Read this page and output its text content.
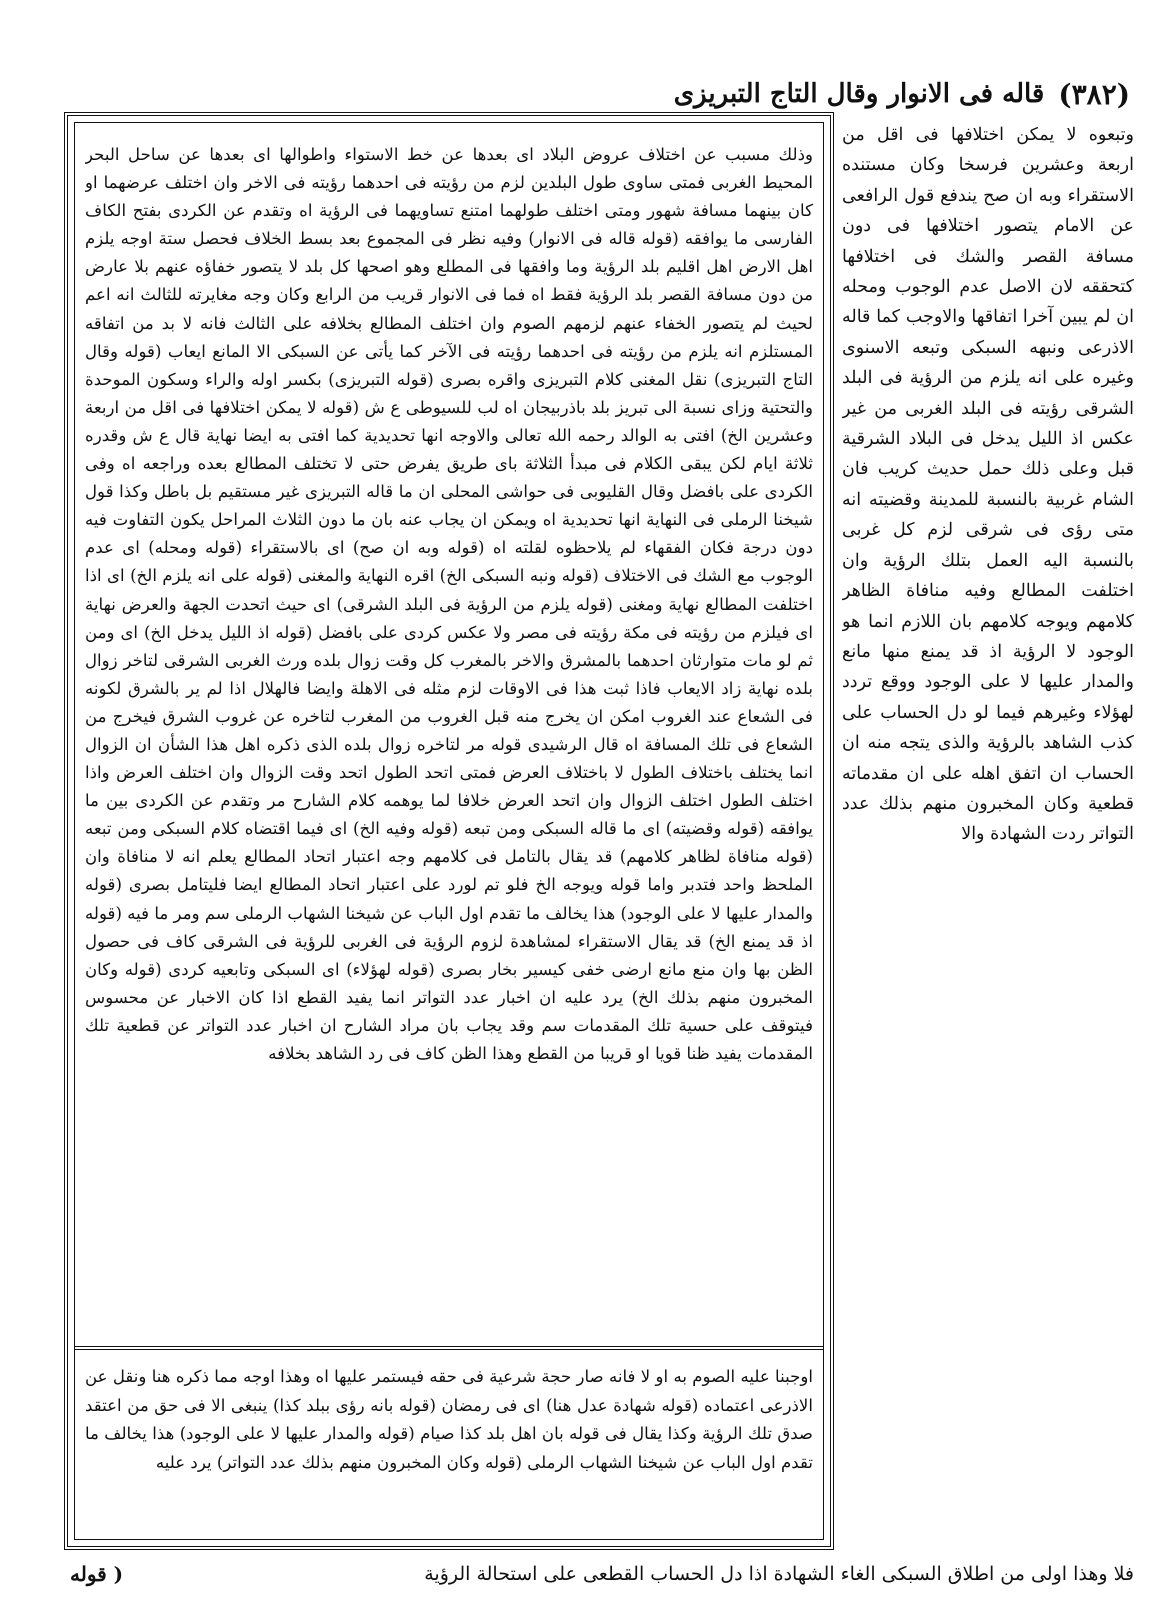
(٣٨٢)
قاله فى الانوار وقال التاج التبريزى
وذلك مسبب عن اختلاف عروض البلاد اى بعدها عن خط الاستواء واطوالها اى بعدها عن ساحل البحر المحيط الغربى فمتى ساوى طول البلدين لزم من رؤيته فى احدهما رؤيته فى الاخر وان اختلف عرضهما او كان بينهما مسافة شهور ومتى اختلف طولهما امتنع تساويهما فى الرؤية اه وتقدم عن الكردى بفتح الكاف الفارسى ما يوافقه (قوله قاله فى الانوار) وفيه نظر فى المجموع بعد بسط الخلاف فحصل ستة اوجه يلزم اهل الارض اهل اقليم بلد الرؤية وما وافقها فى المطلع وهو اصحها كل بلد لا يتصور خفاؤه عنهم بلا عارض من دون مسافة القصر بلد الرؤية فقط اه فما فى الانوار قريب من الرابع وكان وجه مغايرته للثالث انه اعم لحيث لم يتصور الخفاء عنهم لزمهم الصوم وان اختلف المطالع بخلافه على الثالث فانه لا بد من اتفاقه المستلزم انه يلزم من رؤيته فى احدهما رؤيته فى الآخر كما يأتى عن السبكى الا المانع ايعاب (قوله وقال التاج التبريزى) نقل المغنى كلام التبريزى واقره بصرى (قوله التبريزى) بكسر اوله والراء وسكون الموحدة والتحتية وزاى نسبة الى تبريز بلد باذربيجان اه لب للسيوطى ع ش (قوله لا يمكن اختلافها فى اقل من اربعة وعشرين الخ) افتى به الوالد رحمه الله تعالى والاوجه انها تحديدية كما افتى به ايضا نهاية قال ع ش وقدره ثلاثة ايام لكن يبقى الكلام فى مبدأ الثلاثة باى طريق يفرض حتى لا تختلف المطالع بعده وراجعه اه وفى الكردى على بافضل وقال القليوبى فى حواشى المحلى ان ما قاله التبريزى غير مستقيم بل باطل وكذا قول شيخنا الرملى فى النهاية انها تحديدية اه ويمكن ان يجاب عنه بان ما دون الثلاث المراحل يكون التفاوت فيه دون درجة فكان الفقهاء لم يلاحظوه لقلته اه (قوله وبه ان صح) اى بالاستقراء (قوله ومحله) اى عدم الوجوب مع الشك فى الاختلاف (قوله ونبه السبكى الخ) اقره النهاية والمغنى (قوله على انه يلزم الخ) اى اذا اختلفت المطالع نهاية ومغنى (قوله يلزم من الرؤية فى البلد الشرقى) اى حيث اتحدت الجهة والعرض نهاية اى فيلزم من رؤيته فى مكة رؤيته فى مصر ولا عكس كردى على بافضل (قوله اذ الليل يدخل الخ) اى ومن ثم لو مات متوارثان احدهما بالمشرق والاخر بالمغرب كل وقت زوال بلده ورث الغربى الشرقى لتاخر زوال بلده نهاية زاد الايعاب فاذا ثبت هذا فى الاوقات لزم مثله فى الاهلة وايضا فالهلال اذا لم ير بالشرق لكونه فى الشعاع عند الغروب امكن ان يخرج منه قبل الغروب من المغرب لتاخره عن غروب الشرق فيخرج من الشعاع فى تلك المسافة اه قال الرشيدى قوله مر لتاخره زوال بلده الذى ذكره اهل هذا الشأن ان الزوال انما يختلف باختلاف الطول لا باختلاف العرض فمتى اتحد الطول اتحد وقت الزوال وان اختلف العرض واذا اختلف الطول اختلف الزوال وان اتحد العرض خلافا لما يوهمه كلام الشارح مر وتقدم عن الكردى بين ما يوافقه (قوله وقضيته) اى ما قاله السبكى ومن تبعه (قوله وفيه الخ) اى فيما اقتضاه كلام السبكى ومن تبعه (قوله منافاة لظاهر كلامهم) قد يقال بالتامل فى كلامهم وجه اعتبار اتحاد المطالع يعلم انه لا منافاة وان الملحظ واحد فتدبر واما قوله ويوجه الخ فلو تم لورد على اعتبار اتحاد المطالع ايضا فليتامل بصرى (قوله والمدار عليها لا على الوجود) هذا يخالف ما تقدم اول الباب عن شيخنا الشهاب الرملى سم ومر ما فيه (قوله اذ قد يمنع الخ) قد يقال الاستقراء لمشاهدة لزوم الرؤية فى الغربى للرؤية فى الشرقى كاف فى حصول الظن بها وان منع مانع ارضى خفى كيسير بخار بصرى (قوله لهؤلاء) اى السبكى وتابعيه كردى (قوله وكان المخبرون منهم بذلك الخ) يرد عليه ان اخبار عدد التواتر انما يفيد القطع اذا كان الاخبار عن محسوس فيتوقف على حسية تلك المقدمات سم وقد يجاب بان مراد الشارح ان اخبار عدد التواتر عن قطعية تلك المقدمات يفيد ظنا قويا او قريبا من القطع وهذا الظن كاف فى رد الشاهد بخلافه
اوجبنا عليه الصوم به او لا فانه صار حجة شرعية فى حقه فيستمر عليها اه وهذا اوجه مما ذكره هنا ونقل عن الاذرعى اعتماده (قوله شهادة عدل هنا) اى فى رمضان (قوله بانه رؤى ببلد كذا) ينبغى الا فى حق من اعتقد صدق تلك الرؤية وكذا يقال فى قوله بان اهل بلد كذا صيام (قوله والمدار عليها لا على الوجود) هذا يخالف ما تقدم اول الباب عن شيخنا الشهاب الرملى (قوله وكان المخبرون منهم بذلك عدد التواتر) يرد عليه
وتبعوه لا يمكن اختلافها فى اقل من اربعة وعشرين فرسخا وكان مستنده الاستقراء وبه ان صح يندفع قول الرافعى عن الامام يتصور اختلافها فى دون مسافة القصر والشك فى اختلافها كتحققه لان الاصل عدم الوجوب ومحله ان لم يبين آخرا اتفاقها والاوجب كما قاله الاذرعى ونبهه السبكى وتبعه الاسنوى وغيره على انه يلزم من الرؤية فى البلد الشرقى رؤيته فى البلد الغربى من غير عكس اذ الليل يدخل فى البلاد الشرقية قبل وعلى ذلك حمل حديث كريب فان الشام غربية بالنسبة للمدينة وقضيته انه متى رؤى فى شرقى لزم كل غربى بالنسبة اليه العمل بتلك الرؤية وان اختلفت المطالع وفيه منافاة الظاهر كلامهم ويوجه كلامهم بان اللازم انما هو الوجود لا الرؤية اذ قد يمنع منها مانع والمدار عليها لا على الوجود ووقع تردد لهؤلاء وغيرهم فيما لو دل الحساب على كذب الشاهد بالرؤية والذى يتجه منه ان الحساب ان اتفق اهله على ان مقدماته قطعية وكان المخبرون منهم بذلك عدد التواتر ردت الشهادة والا
فلا وهذا اولى من اطلاق السبكى الغاء الشهادة اذا دل الحساب القطعى على استحالة الرؤية
( قوله
